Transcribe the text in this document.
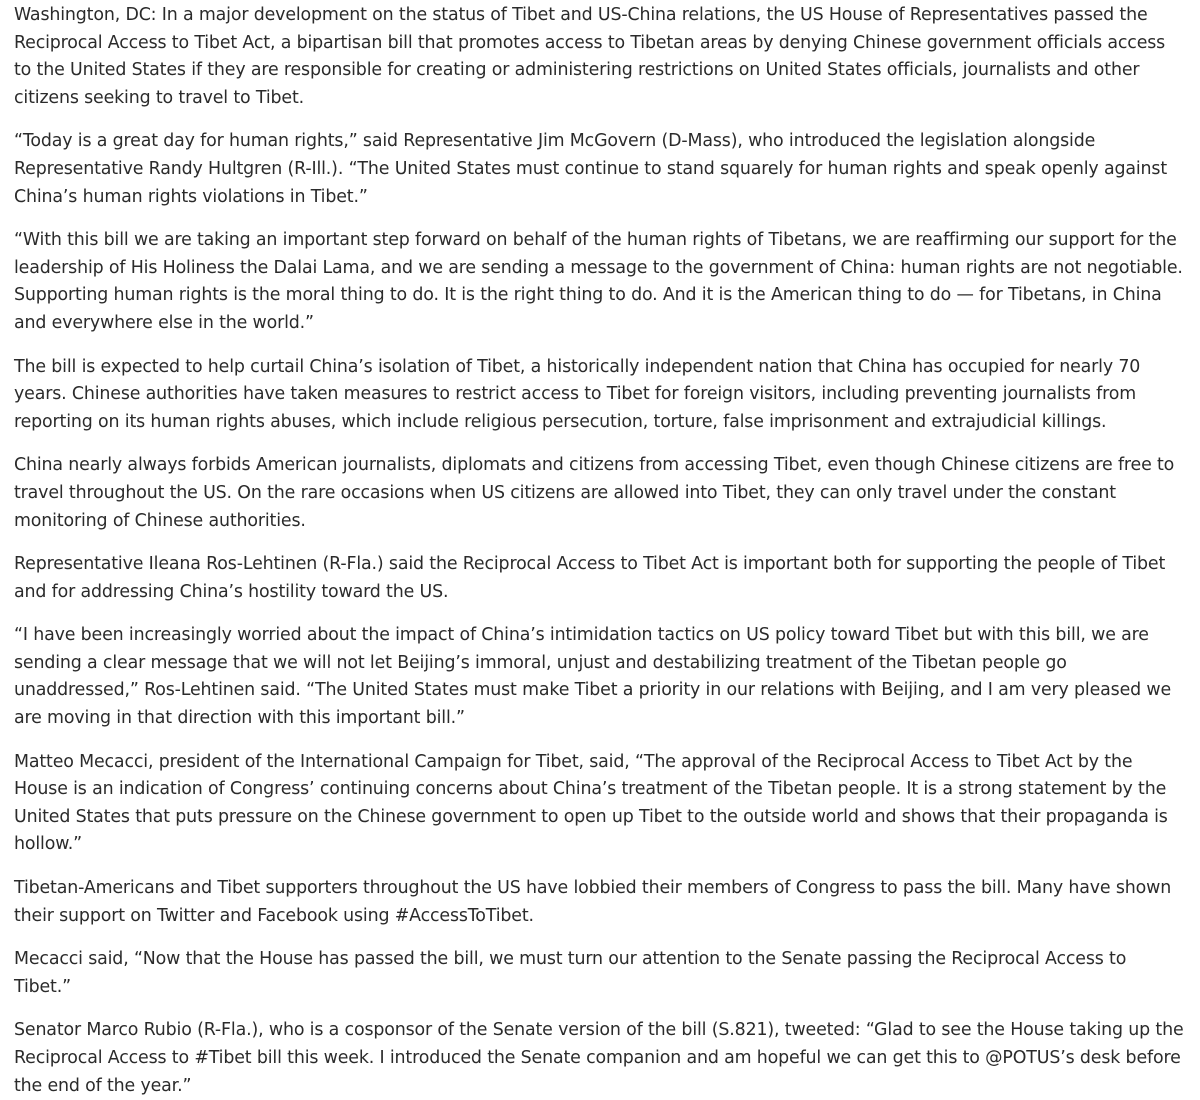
Washington, DC: In a major development on the status of Tibet and US-China relations, the US House of Representatives passed the Reciprocal Access to Tibet Act, a bipartisan bill that promotes access to Tibetan areas by denying Chinese government officials access to the United States if they are responsible for creating or administering restrictions on United States officials, journalists and other citizens seeking to travel to Tibet.

“Today is a great day for human rights,” said Representative Jim McGovern (D-Mass), who introduced the legislation alongside Representative Randy Hultgren (R-Ill.). “The United States must continue to stand squarely for human rights and speak openly against China’s human rights violations in Tibet.”

“With this bill we are taking an important step forward on behalf of the human rights of Tibetans, we are reaffirming our support for the leadership of His Holiness the Dalai Lama, and we are sending a message to the government of China: human rights are not negotiable. Supporting human rights is the moral thing to do. It is the right thing to do. And it is the American thing to do — for Tibetans, in China and everywhere else in the world.”

The bill is expected to help curtail China’s isolation of Tibet, a historically independent nation that China has occupied for nearly 70 years. Chinese authorities have taken measures to restrict access to Tibet for foreign visitors, including preventing journalists from reporting on its human rights abuses, which include religious persecution, torture, false imprisonment and extrajudicial killings.

China nearly always forbids American journalists, diplomats and citizens from accessing Tibet, even though Chinese citizens are free to travel throughout the US. On the rare occasions when US citizens are allowed into Tibet, they can only travel under the constant monitoring of Chinese authorities.

Representative Ileana Ros-Lehtinen (R-Fla.) said the Reciprocal Access to Tibet Act is important both for supporting the people of Tibet and for addressing China’s hostility toward the US.

“I have been increasingly worried about the impact of China’s intimidation tactics on US policy toward Tibet but with this bill, we are sending a clear message that we will not let Beijing’s immoral, unjust and destabilizing treatment of the Tibetan people go unaddressed,” Ros-Lehtinen said. “The United States must make Tibet a priority in our relations with Beijing, and I am very pleased we are moving in that direction with this important bill.”

Matteo Mecacci, president of the International Campaign for Tibet, said, “The approval of the Reciprocal Access to Tibet Act by the House is an indication of Congress’ continuing concerns about China’s treatment of the Tibetan people. It is a strong statement by the United States that puts pressure on the Chinese government to open up Tibet to the outside world and shows that their propaganda is hollow.”

Tibetan-Americans and Tibet supporters throughout the US have lobbied their members of Congress to pass the bill. Many have shown their support on Twitter and Facebook using #AccessToTibet.

Mecacci said, “Now that the House has passed the bill, we must turn our attention to the Senate passing the Reciprocal Access to Tibet.”

Senator Marco Rubio (R-Fla.), who is a cosponsor of the Senate version of the bill (S.821), tweeted: “Glad to see the House taking up the Reciprocal Access to #Tibet bill this week. I introduced the Senate companion and am hopeful we can get this to @POTUS’s desk before the end of the year.”
